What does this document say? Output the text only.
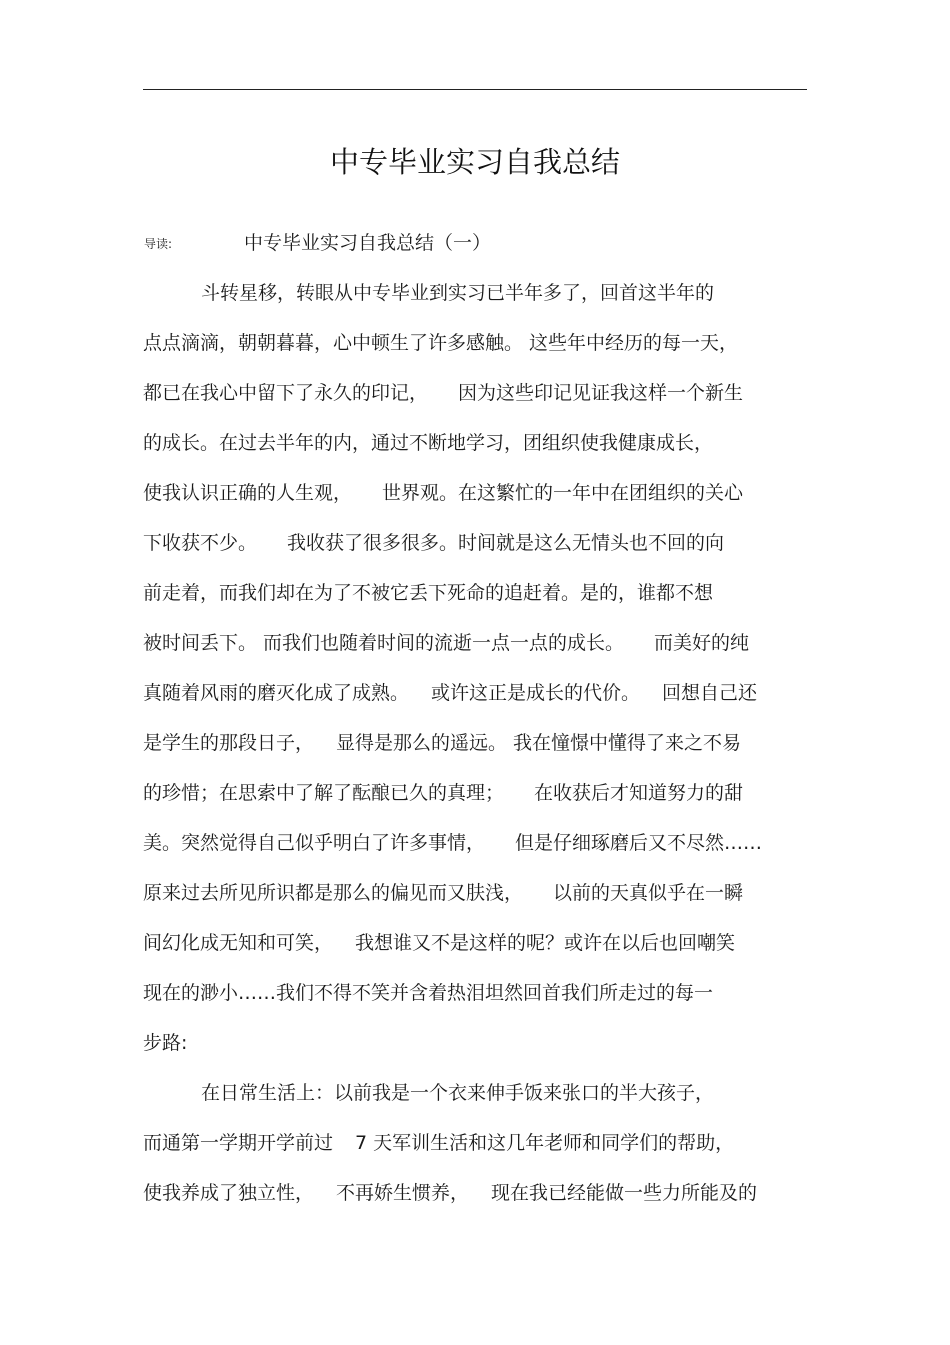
中专毕业实习自我总结
导读:	中专毕业实习自我总结（一）
斗转星移，转眼从中专毕业到实习已半年多了，回首这半年的
点点滴滴，朝朝暮暮，心中顿生了许多感触。 这些年中经历的每一天，
都已在我心中留下了永久的印记， 因为这些印记见证我这样一个新生
的成长。在过去半年的内，通过不断地学习，团组织使我健康成长，
使我认识正确的人生观， 世界观。在这繁忙的一年中在团组织的关心
下收获不少。 我收获了很多很多。时间就是这么无情头也不回的向
前走着，而我们却在为了不被它丢下死命的追赶着。是的，谁都不想
被时间丢下。 而我们也随着时间的流逝一点一点的成长。 而美好的纯
真随着风雨的磨灭化成了成熟。 或许这正是成长的代价。 回想自己还
是学生的那段日子， 显得是那么的遥远。 我在憧憬中懂得了来之不易
的珍惜；在思索中了解了酝酿已久的真理； 在收获后才知道努力的甜
美。突然觉得自己似乎明白了许多事情， 但是仔细琢磨后又不尽然……
原来过去所见所识都是那么的偏见而又肤浅， 以前的天真似乎在一瞬
间幻化成无知和可笑， 我想谁又不是这样的呢？或许在以后也回嘲笑
现在的渺小……我们不得不笑并含着热泪坦然回首我们所走过的每一
步路:
在日常生活上：以前我是一个衣来伸手饭来张口的半大孩子，
而通第一学期开学前过 7 天军训生活和这几年老师和同学们的帮助，
使我养成了独立性， 不再娇生惯养， 现在我已经能做一些力所能及的
